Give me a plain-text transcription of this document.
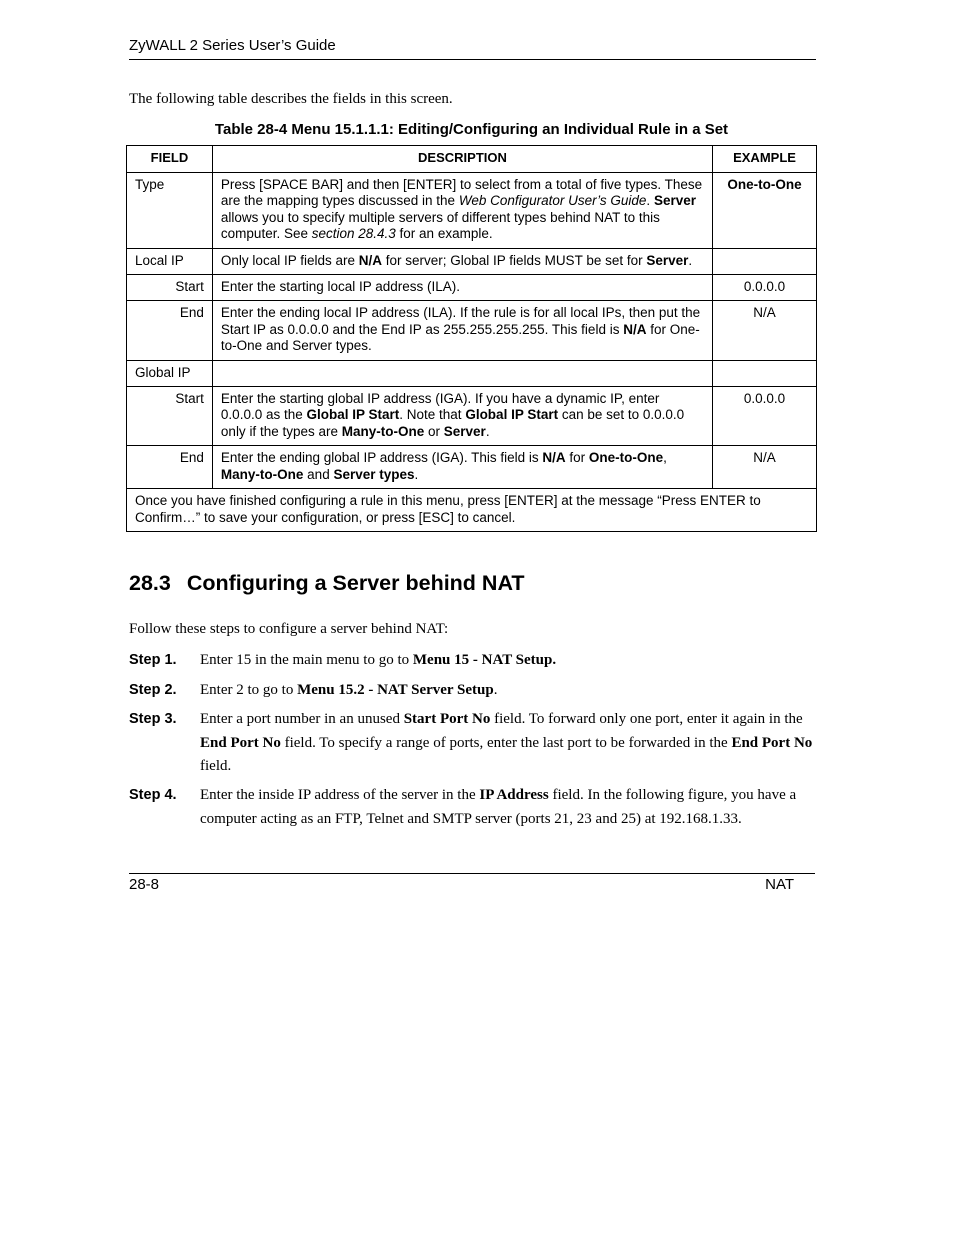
ZyWALL 2 Series User’s Guide
The following table describes the fields in this screen.
Table 28-4 Menu 15.1.1.1: Editing/Configuring an Individual Rule in a Set
FIELD	DESCRIPTION	EXAMPLE
Type	Press [SPACE BAR] and then [ENTER] to select from a total of five types. These are the mapping types discussed in the Web Configurator User’s Guide. Server allows you to specify multiple servers of different types behind NAT to this computer. See section 28.4.3 for an example.	One-to-One
Local IP	Only local IP fields are N/A for server; Global IP fields MUST be set for Server.	
Start	Enter the starting local IP address (ILA).	0.0.0.0
End	Enter the ending local IP address (ILA). If the rule is for all local IPs, then put the Start IP as 0.0.0.0 and the End IP as 255.255.255.255. This field is N/A for One-to-One and Server types.	N/A
Global IP		
Start	Enter the starting global IP address (IGA). If you have a dynamic IP, enter 0.0.0.0 as the Global IP Start. Note that Global IP Start can be set to 0.0.0.0 only if the types are Many-to-One or Server.	0.0.0.0
End	Enter the ending global IP address (IGA). This field is N/A for One-to-One, Many-to-One and Server types.	N/A
Once you have finished configuring a rule in this menu, press [ENTER] at the message “Press ENTER to Confirm…” to save your configuration, or press [ESC] to cancel.		
28.3 Configuring a Server behind NAT
Follow these steps to configure a server behind NAT:
Step 1. Enter 15 in the main menu to go to Menu 15 - NAT Setup.
Step 2. Enter 2 to go to Menu 15.2 - NAT Server Setup.
Step 3. Enter a port number in an unused Start Port No field. To forward only one port, enter it again in the End Port No field. To specify a range of ports, enter the last port to be forwarded in the End Port No field.
Step 4. Enter the inside IP address of the server in the IP Address field. In the following figure, you have a computer acting as an FTP, Telnet and SMTP server (ports 21, 23 and 25) at 192.168.1.33.
28-8	NAT
